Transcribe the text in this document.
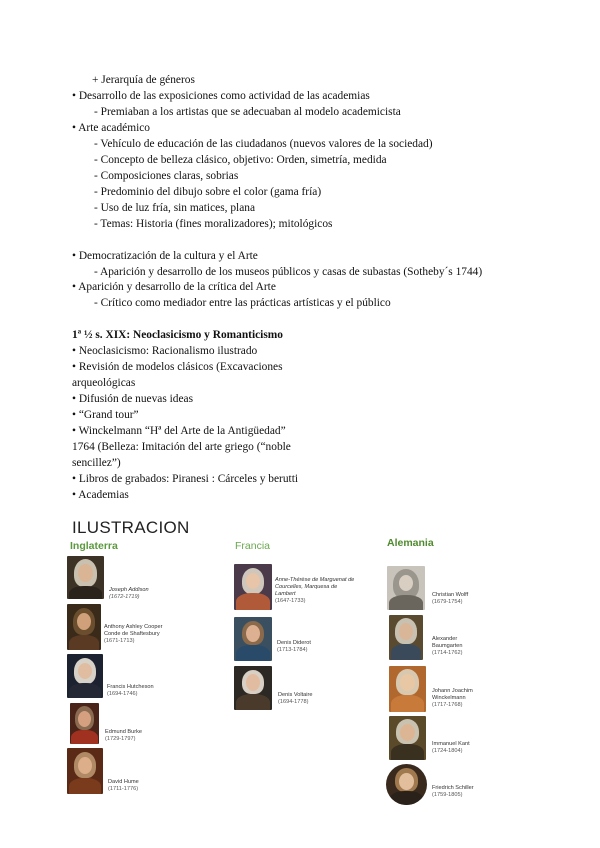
+ Jerarquía de géneros
• Desarrollo de las exposiciones como actividad de las academias
- Premiaban a los artistas que se adecuaban al modelo academicista
• Arte académico
- Vehículo de educación de las ciudadanos (nuevos valores de la sociedad)
- Concepto de belleza clásico, objetivo: Orden, simetría, medida
- Composiciones claras, sobrias
- Predominio del dibujo sobre el color (gama fría)
- Uso de luz fría, sin matices, plana
- Temas: Historia (fines moralizadores); mitológicos
• Democratización de la cultura y el Arte
- Aparición y desarrollo de los museos públicos y casas de subastas (Sotheby´s 1744)
• Aparición y desarrollo de la crítica del Arte
- Crítico como mediador entre las prácticas artísticas y el público
1ª ½ s. XIX: Neoclasicismo y Romanticismo
• Neoclasicismo: Racionalismo ilustrado
• Revisión de modelos clásicos (Excavaciones
arqueológicas
• Difusión de nuevas ideas
• “Grand tour”
• Winckelmann “Hª del Arte de la Antigüedad”
1764 (Belleza: Imitación del arte griego (“noble
sencillez”)
• Libros de grabados: Piranesi : Cárceles y berutti
• Academias
ILUSTRACION
Inglaterra	Francia	Alemania
Joseph Addison
(1672-1719)
Anthony Ashley Cooper Conde de Shaftesbury
(1671-1713)
Francis Hutcheson
(1694-1746)
Edmund Burke
(1729-1797)
David Hume
(1711-1776)
Anne-Thérèse de Marguenat de Courcelles, Marquesa de Lambert
(1647-1733)
Denis Diderot
(1713-1784)
Denis Voltaire
(1694-1778)
Christian Wolff
(1679-1754)
Alexander Baumgarten
(1714-1762)
Johann Joachim Winckelmann
(1717-1768)
Immanuel Kant
(1724-1804)
Friedrich Schiller
(1759-1805)
